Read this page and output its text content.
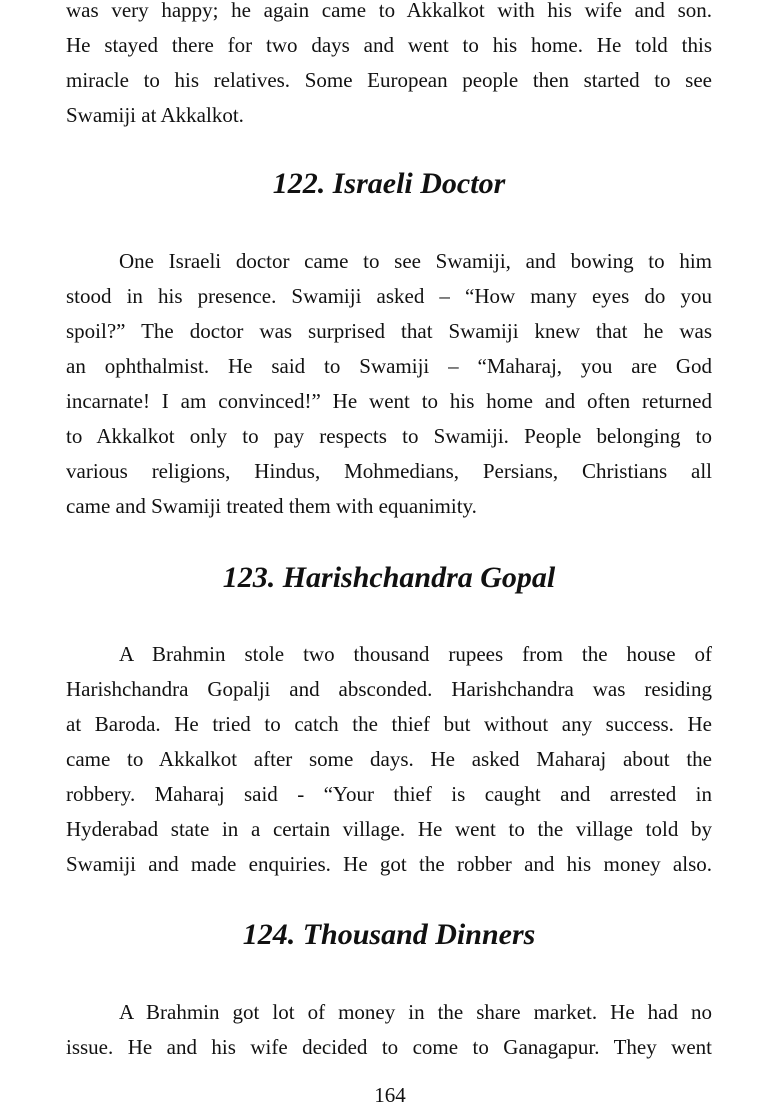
was very happy; he again came to Akkalkot with his wife and son.
He stayed there for two days and went to his home. He told this
miracle to his relatives. Some European people then started to see
Swamiji at Akkalkot.
122. Israeli Doctor
One Israeli doctor came to see Swamiji, and bowing to him
stood in his presence. Swamiji asked – “How many eyes do you
spoil?” The doctor was surprised that Swamiji knew that he was
an ophthalmist. He said to Swamiji – “Maharaj, you are God
incarnate! I am convinced!” He went to his home and often returned
to Akkalkot only to pay respects to Swamiji. People belonging to
various religions, Hindus, Mohmedians, Persians, Christians all
came and Swamiji treated them with equanimity.
123. Harishchandra Gopal
A Brahmin stole two thousand rupees from the house of
Harishchandra Gopalji and absconded. Harishchandra was residing
at Baroda. He tried to catch the thief but without any success. He
came to Akkalkot after some days. He asked Maharaj about the
robbery. Maharaj said - “Your thief is caught and arrested in
Hyderabad state in a certain village. He went to the village told by
Swamiji and made enquiries. He got the robber and his money also.
124. Thousand Dinners
A Brahmin got lot of money in the share market. He had no
issue. He and his wife decided to come to Ganagapur. They went
164
